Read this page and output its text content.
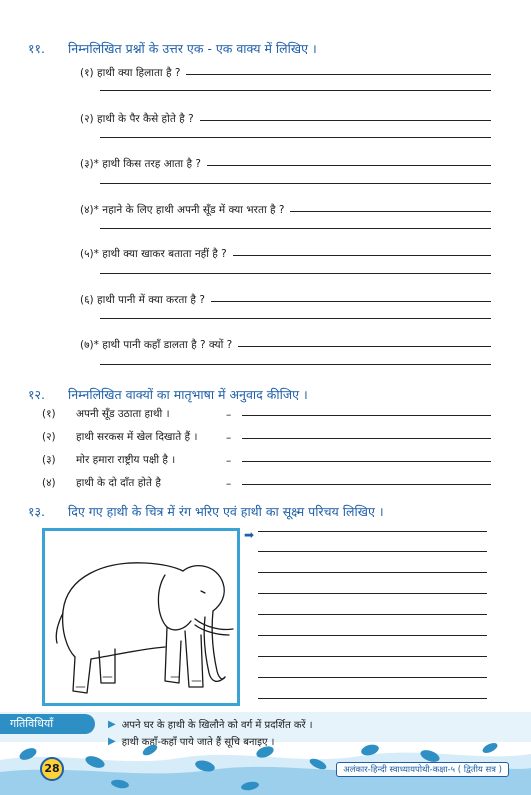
११. निम्नलिखित प्रश्नों के उत्तर एक - एक वाक्य में लिखिए ।
(१) हाथी क्या हिलाता है ?
(२) हाथी के पैर कैसे होते है ?
(३)* हाथी किस तरह आता है ?
(४)* नहाने के लिए हाथी अपनी सूँड में क्या भरता है ?
(५)* हाथी क्या खाकर बताता नहीं है ?
(६) हाथी पानी में क्या करता है ?
(७)* हाथी पानी कहाँ डालता है ? क्यों ?
१२. निम्नलिखित वाक्यों का मातृभाषा में अनुवाद कीजिए ।
(१)	अपनी सूँड उठाता हाथी ।	–
(२)	हाथी सरकस में खेल दिखाते हैं ।	–
(३)	मोर हमारा राष्ट्रीय पक्षी है ।	–
(४)	हाथी के दो दाँत होते है	–
१३. दिए गए हाथी के चित्र में रंग भरिए एवं हाथी का सूक्ष्म परिचय लिखिए ।
➡
गतिविधियाँ	▶ अपने घर के हाथी के खिलौने को वर्ग में प्रदर्शित करें ।
▶ हाथी कहाँ-कहाँ पाये जाते हैं सूचि बनाइए ।
28	अलंकार-हिन्दी स्वाध्यायपोथी-कक्षा-५ ( द्वितीय सत्र )
